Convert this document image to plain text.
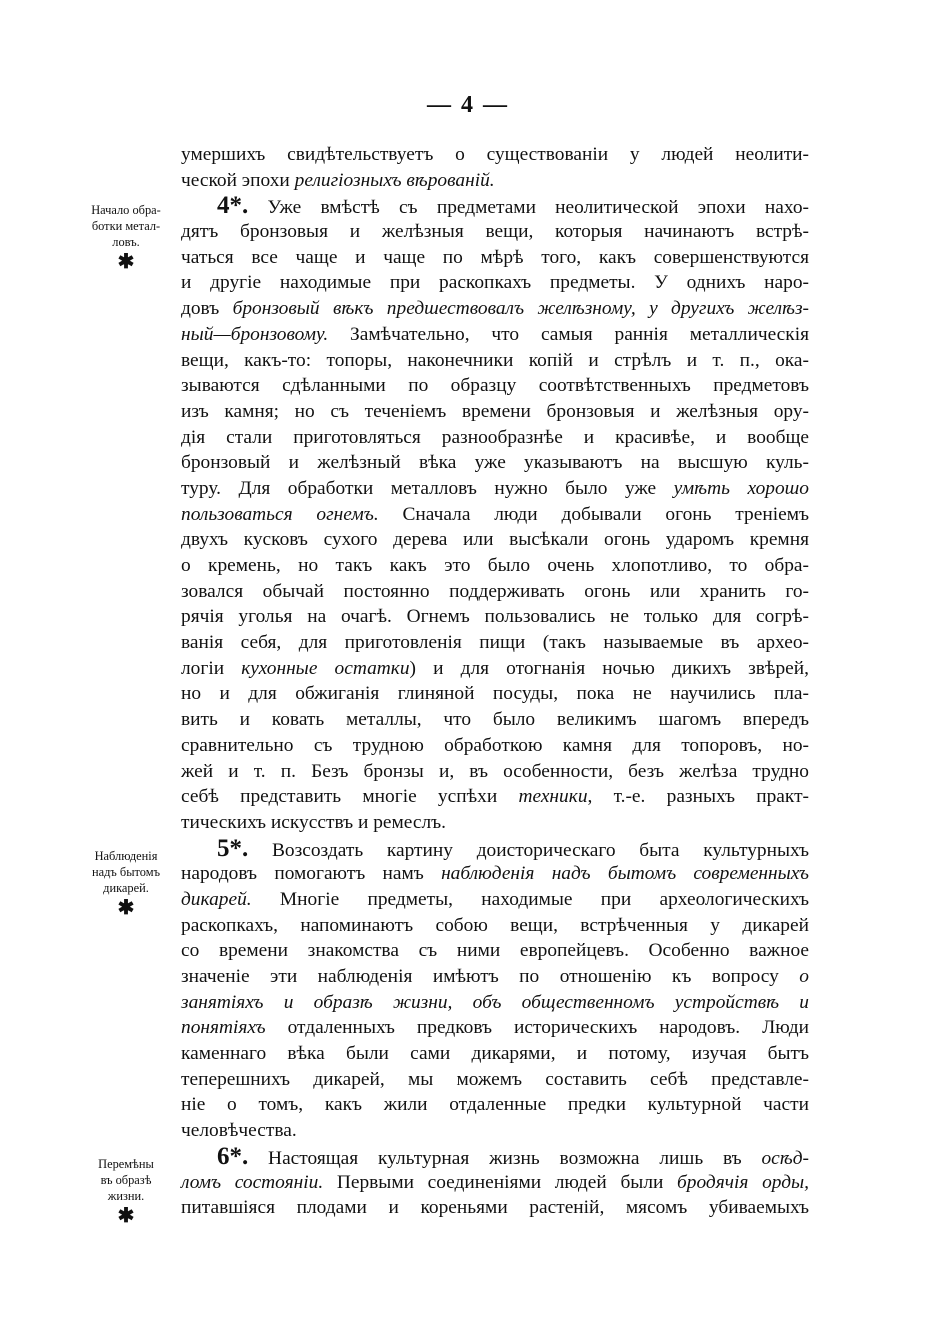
— 4 —
Начало обра-
ботки метал-
ловъ.
✱
Наблюденія
надъ бытомъ
дикарей.
✱
Перемѣны
въ образѣ
жизни.
✱
умершихъ свидѣтельствуетъ о существованіи у людей неолити-
ческой эпохи религіозныхъ вѣрованій.
4*. Уже вмѣстѣ съ предметами неолитической эпохи нахо-
дятъ бронзовыя и желѣзныя вещи, которыя начинаютъ встрѣ-
чаться все чаще и чаще по мѣрѣ того, какъ совершенствуются
и другіе находимые при раскопкахъ предметы. У однихъ наро-
довъ бронзовый вѣкъ предшествовалъ желѣзному, у другихъ желѣз-
ный—бронзовому. Замѣчательно, что самыя раннія металлическія
вещи, какъ-то: топоры, наконечники копій и стрѣлъ и т. п., ока-
зываются сдѣланными по образцу соотвѣтственныхъ предметовъ
изъ камня; но съ теченіемъ времени бронзовыя и желѣзныя ору-
дія стали приготовляться разнообразнѣе и красивѣе, и вообще
бронзовый и желѣзный вѣка уже указываютъ на высшую куль-
туру. Для обработки металловъ нужно было уже умѣть хорошо
пользоваться огнемъ. Сначала люди добывали огонь треніемъ
двухъ кусковъ сухого дерева или высѣкали огонь ударомъ кремня
о кремень, но такъ какъ это было очень хлопотливо, то обра-
зовался обычай постоянно поддерживать огонь или хранить го-
рячія уголья на очагѣ. Огнемъ пользовались не только для согрѣ-
ванія себя, для приготовленія пищи (такъ называемые въ архео-
логіи кухонные остатки) и для отогнанія ночью дикихъ звѣрей,
но и для обжиганія глиняной посуды, пока не научились пла-
вить и ковать металлы, что было великимъ шагомъ впередъ
сравнительно съ трудною обработкою камня для топоровъ, но-
жей и т. п. Безъ бронзы и, въ особенности, безъ желѣза трудно
себѣ представить многіе успѣхи техники, т.-е. разныхъ практ-
тическихъ искусствъ и ремеслъ.
5*. Возсоздать картину доисторическаго быта культурныхъ
народовъ помогаютъ намъ наблюденія надъ бытомъ современныхъ
дикарей. Многіе предметы, находимые при археологическихъ
раскопкахъ, напоминаютъ собою вещи, встрѣченныя у дикарей
со времени знакомства съ ними европейцевъ. Особенно важное
значеніе эти наблюденія имѣютъ по отношенію къ вопросу о
занятіяхъ и образѣ жизни, объ общественномъ устройствѣ и
понятіяхъ отдаленныхъ предковъ историческихъ народовъ. Люди
каменнаго вѣка были сами дикарями, и потому, изучая бытъ
теперешнихъ дикарей, мы можемъ составить себѣ представле-
ніе о томъ, какъ жили отдаленные предки культурной части
человѣчества.
6*. Настоящая культурная жизнь возможна лишь въ осѣд-
ломъ состояніи. Первыми соединеніями людей были бродячія орды,
питавшіяся плодами и кореньями растеній, мясомъ убиваемыхъ
